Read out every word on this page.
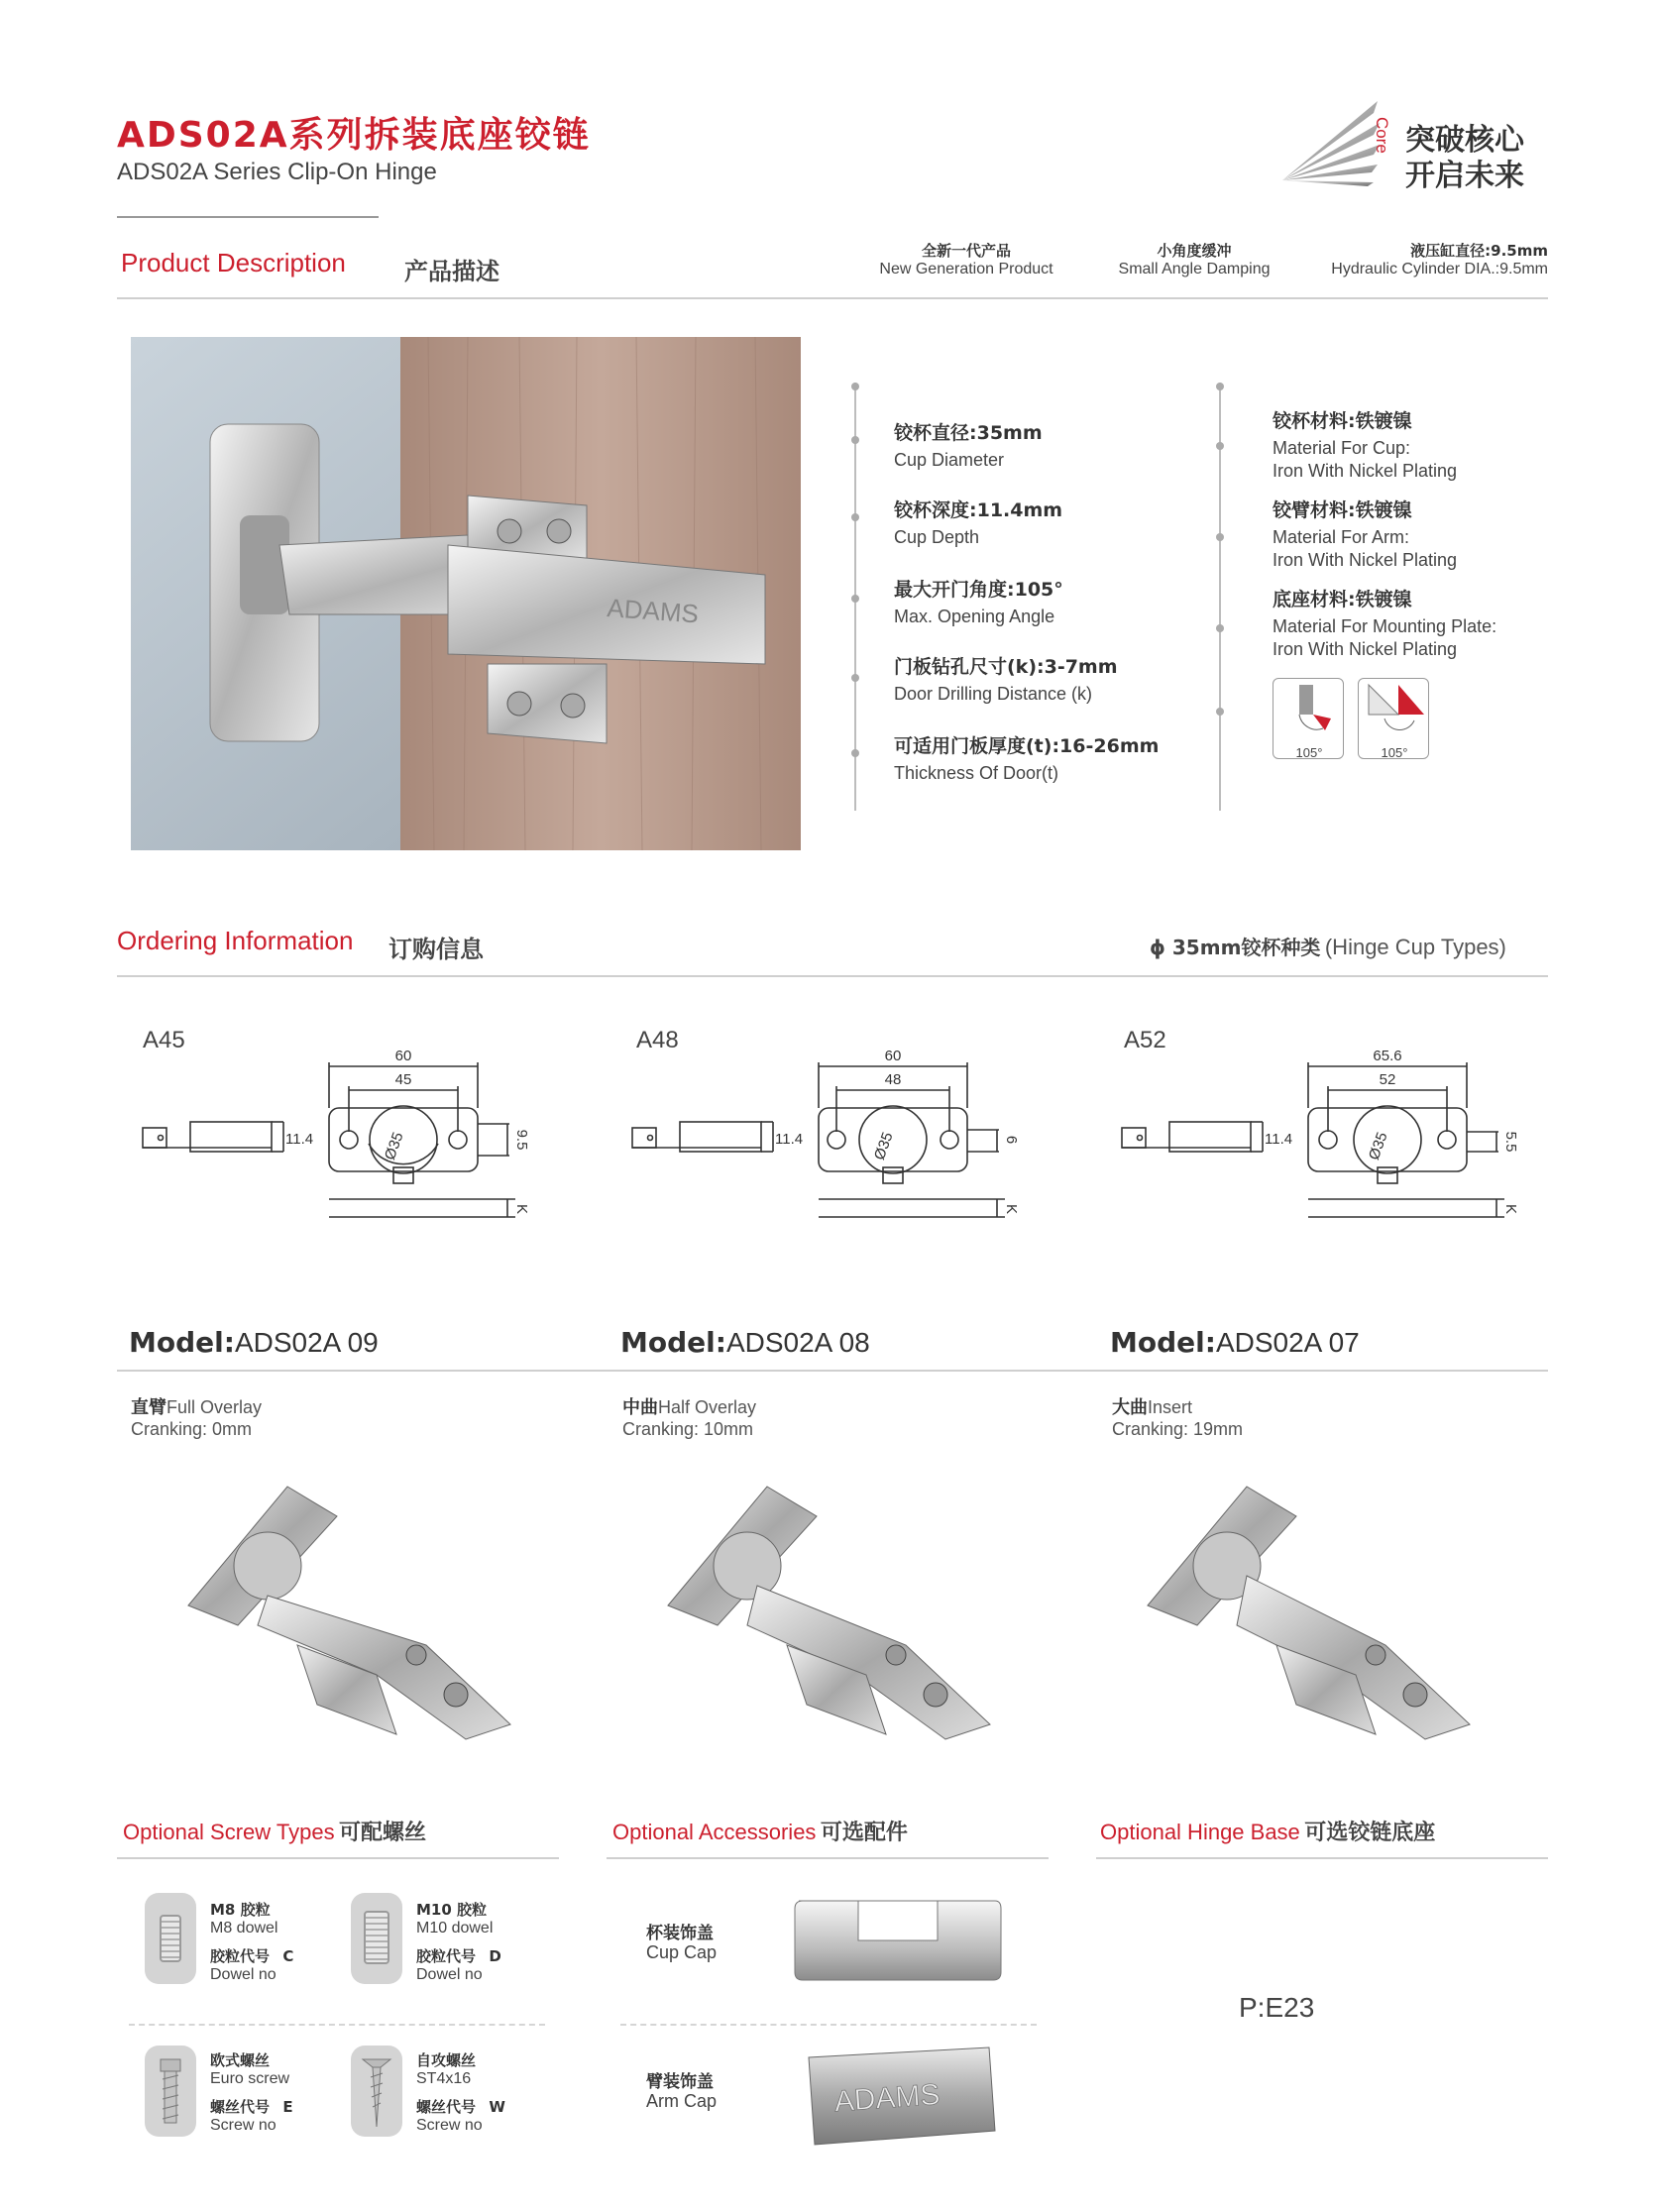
ADS02A系列拆装底座铰链
ADS02A Series Clip-On Hinge
Core 突破核心
开启未来
Product Description 产品描述
全新一代产品
New Generation Product
小角度缓冲
Small Angle Damping
液压缸直径:9.5mm
Hydraulic Cylinder DIA.:9.5mm
ADAMS
铰杯直径:35mm
Cup Diameter
铰杯深度:11.4mm
Cup Depth
最大开门角度:105°
Max. Opening Angle
门板钻孔尺寸(k):3-7mm
Door Drilling Distance (k)
可适用门板厚度(t):16-26mm
Thickness Of Door(t)
铰杯材料:铁镀镍
Material For Cup:
Iron With Nickel Plating
铰臂材料:铁镀镍
Material For Arm:
Iron With Nickel Plating
底座材料:铁镀镍
Material For Mounting Plate:
Iron With Nickel Plating
105°	105°
Ordering Information 订购信息	ϕ 35mm铰杯种类 (Hinge Cup Types)
A45	A48	A52
11.4
60
45
Ø35	9.5
K
11.4
60
48
Ø35	6
K
11.4
65.6
52
Ø35	5.5
K
Model:ADS02A 09	Model:ADS02A 08	Model:ADS02A 07
直臂Full Overlay
Cranking: 0mm
中曲Half Overlay
Cranking: 10mm
大曲Insert
Cranking: 19mm
Optional Screw Types 可配螺丝	Optional Accessories 可选配件	Optional Hinge Base 可选铰链底座
M8 胶粒
M8 dowel
胶粒代号 C
Dowel no
M10 胶粒
M10 dowel
胶粒代号 D
Dowel no
欧式螺丝
Euro screw
螺丝代号 E
Screw no
自攻螺丝
ST4x16
螺丝代号 W
Screw no
杯装饰盖
Cup Cap
臂装饰盖
Arm Cap	ADAMS
P:E23
